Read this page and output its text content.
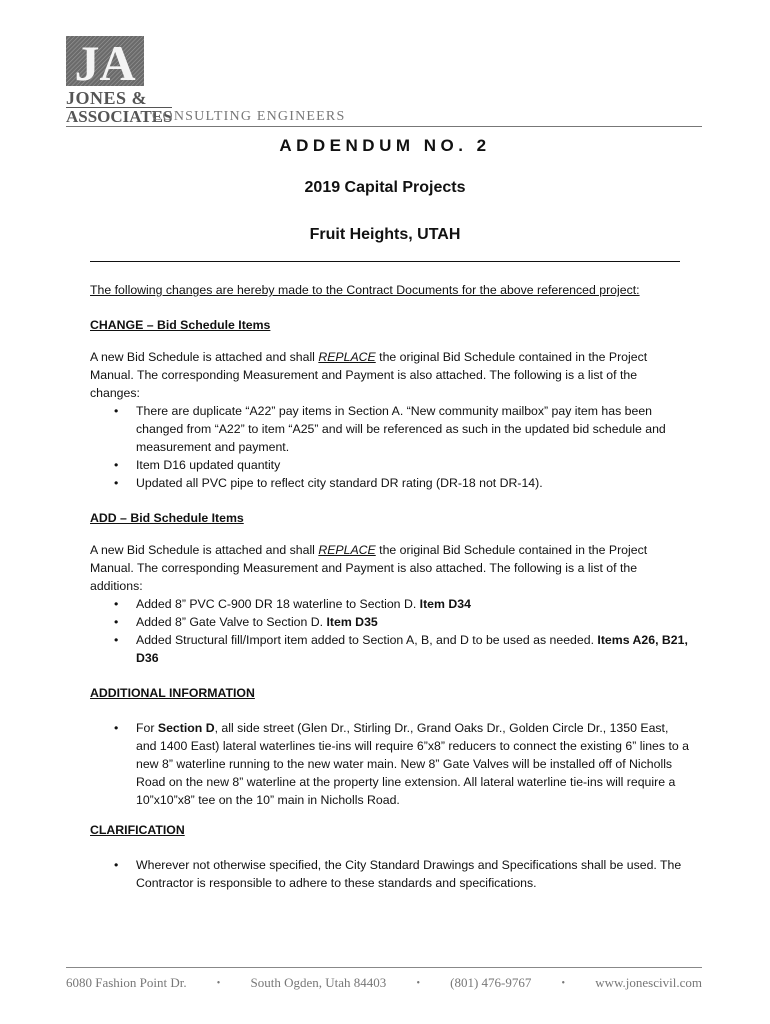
JA
JONES &
ASSOCIATES
CONSULTING ENGINEERS
ADDENDUM NO. 2
2019 Capital Projects
Fruit Heights, UTAH
The following changes are hereby made to the Contract Documents for the above referenced project:
CHANGE – Bid Schedule Items

A new Bid Schedule is attached and shall REPLACE the original Bid Schedule contained in the Project Manual. The corresponding Measurement and Payment is also attached. The following is a list of the changes:

• There are duplicate “A22” pay items in Section A. “New community mailbox” pay item has been changed from “A22” to item “A25” and will be referenced as such in the updated bid schedule and measurement and payment.
• Item D16 updated quantity
• Updated all PVC pipe to reflect city standard DR rating (DR-18 not DR-14).
ADD – Bid Schedule Items

A new Bid Schedule is attached and shall REPLACE the original Bid Schedule contained in the Project Manual. The corresponding Measurement and Payment is also attached. The following is a list of the additions:

• Added 8” PVC C-900 DR 18 waterline to Section D. Item D34
• Added 8” Gate Valve to Section D. Item D35
• Added Structural fill/Import item added to Section A, B, and D to be used as needed. Items A26, B21, D36
ADDITIONAL INFORMATION
• For Section D, all side street (Glen Dr., Stirling Dr., Grand Oaks Dr., Golden Circle Dr., 1350 East, and 1400 East) lateral waterlines tie-ins will require 6”x8” reducers to connect the existing 6” lines to a new 8” waterline running to the new water main. New 8” Gate Valves will be installed off of Nicholls Road on the new 8” waterline at the property line extension. All lateral waterline tie-ins will require a 10”x10”x8” tee on the 10” main in Nicholls Road.
CLARIFICATION
• Wherever not otherwise specified, the City Standard Drawings and Specifications shall be used. The Contractor is responsible to adhere to these standards and specifications.
6080 Fashion Point Dr.	• South Ogden, Utah 84403	• (801) 476-9767	• www.jonescivil.com
